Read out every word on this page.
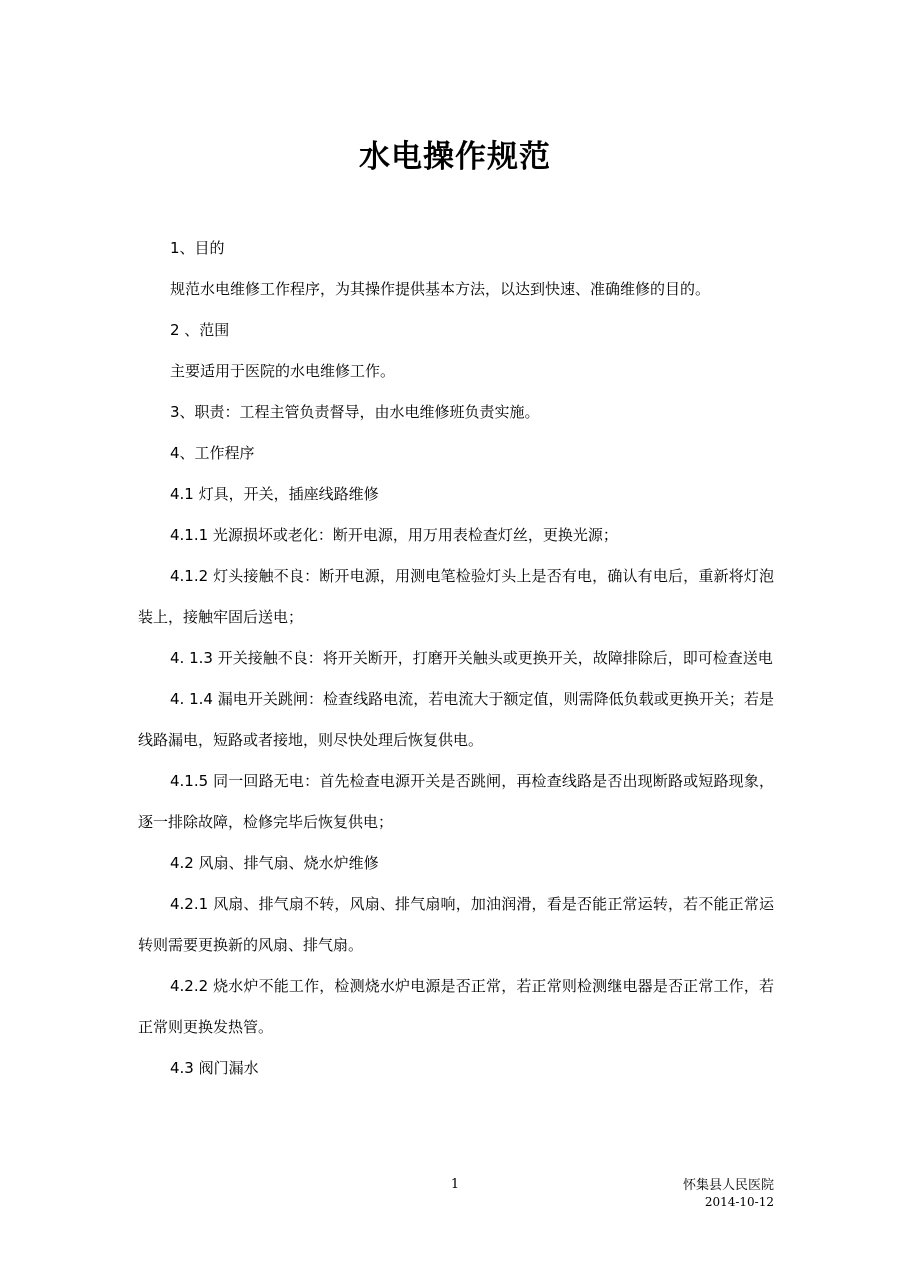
水电操作规范

1、目的

规范水电维修工作程序，为其操作提供基本方法，以达到快速、准确维修的目的。

2 、范围

主要适用于医院的水电维修工作。

3、职责：工程主管负责督导，由水电维修班负责实施。

4、工作程序

4.1 灯具，开关，插座线路维修

4.1.1 光源损坏或老化：断开电源，用万用表检查灯丝，更换光源；

4.1.2 灯头接触不良：断开电源，用测电笔检验灯头上是否有电，确认有电后，重新将灯泡装上，接触牢固后送电；

4. 1.3 开关接触不良：将开关断开，打磨开关触头或更换开关，故障排除后，即可检查送电

4. 1.4 漏电开关跳闸：检查线路电流，若电流大于额定值，则需降低负载或更换开关；若是线路漏电，短路或者接地，则尽快处理后恢复供电。

4.1.5 同一回路无电：首先检查电源开关是否跳闸，再检查线路是否出现断路或短路现象，逐一排除故障，检修完毕后恢复供电；

4.2 风扇、排气扇、烧水炉维修

4.2.1 风扇、排气扇不转，风扇、排气扇响，加油润滑，看是否能正常运转，若不能正常运转则需要更换新的风扇、排气扇。

4.2.2 烧水炉不能工作，检测烧水炉电源是否正常，若正常则检测继电器是否正常工作，若正常则更换发热管。

4.3 阀门漏水

1	怀集县人民医院
2014-10-12
